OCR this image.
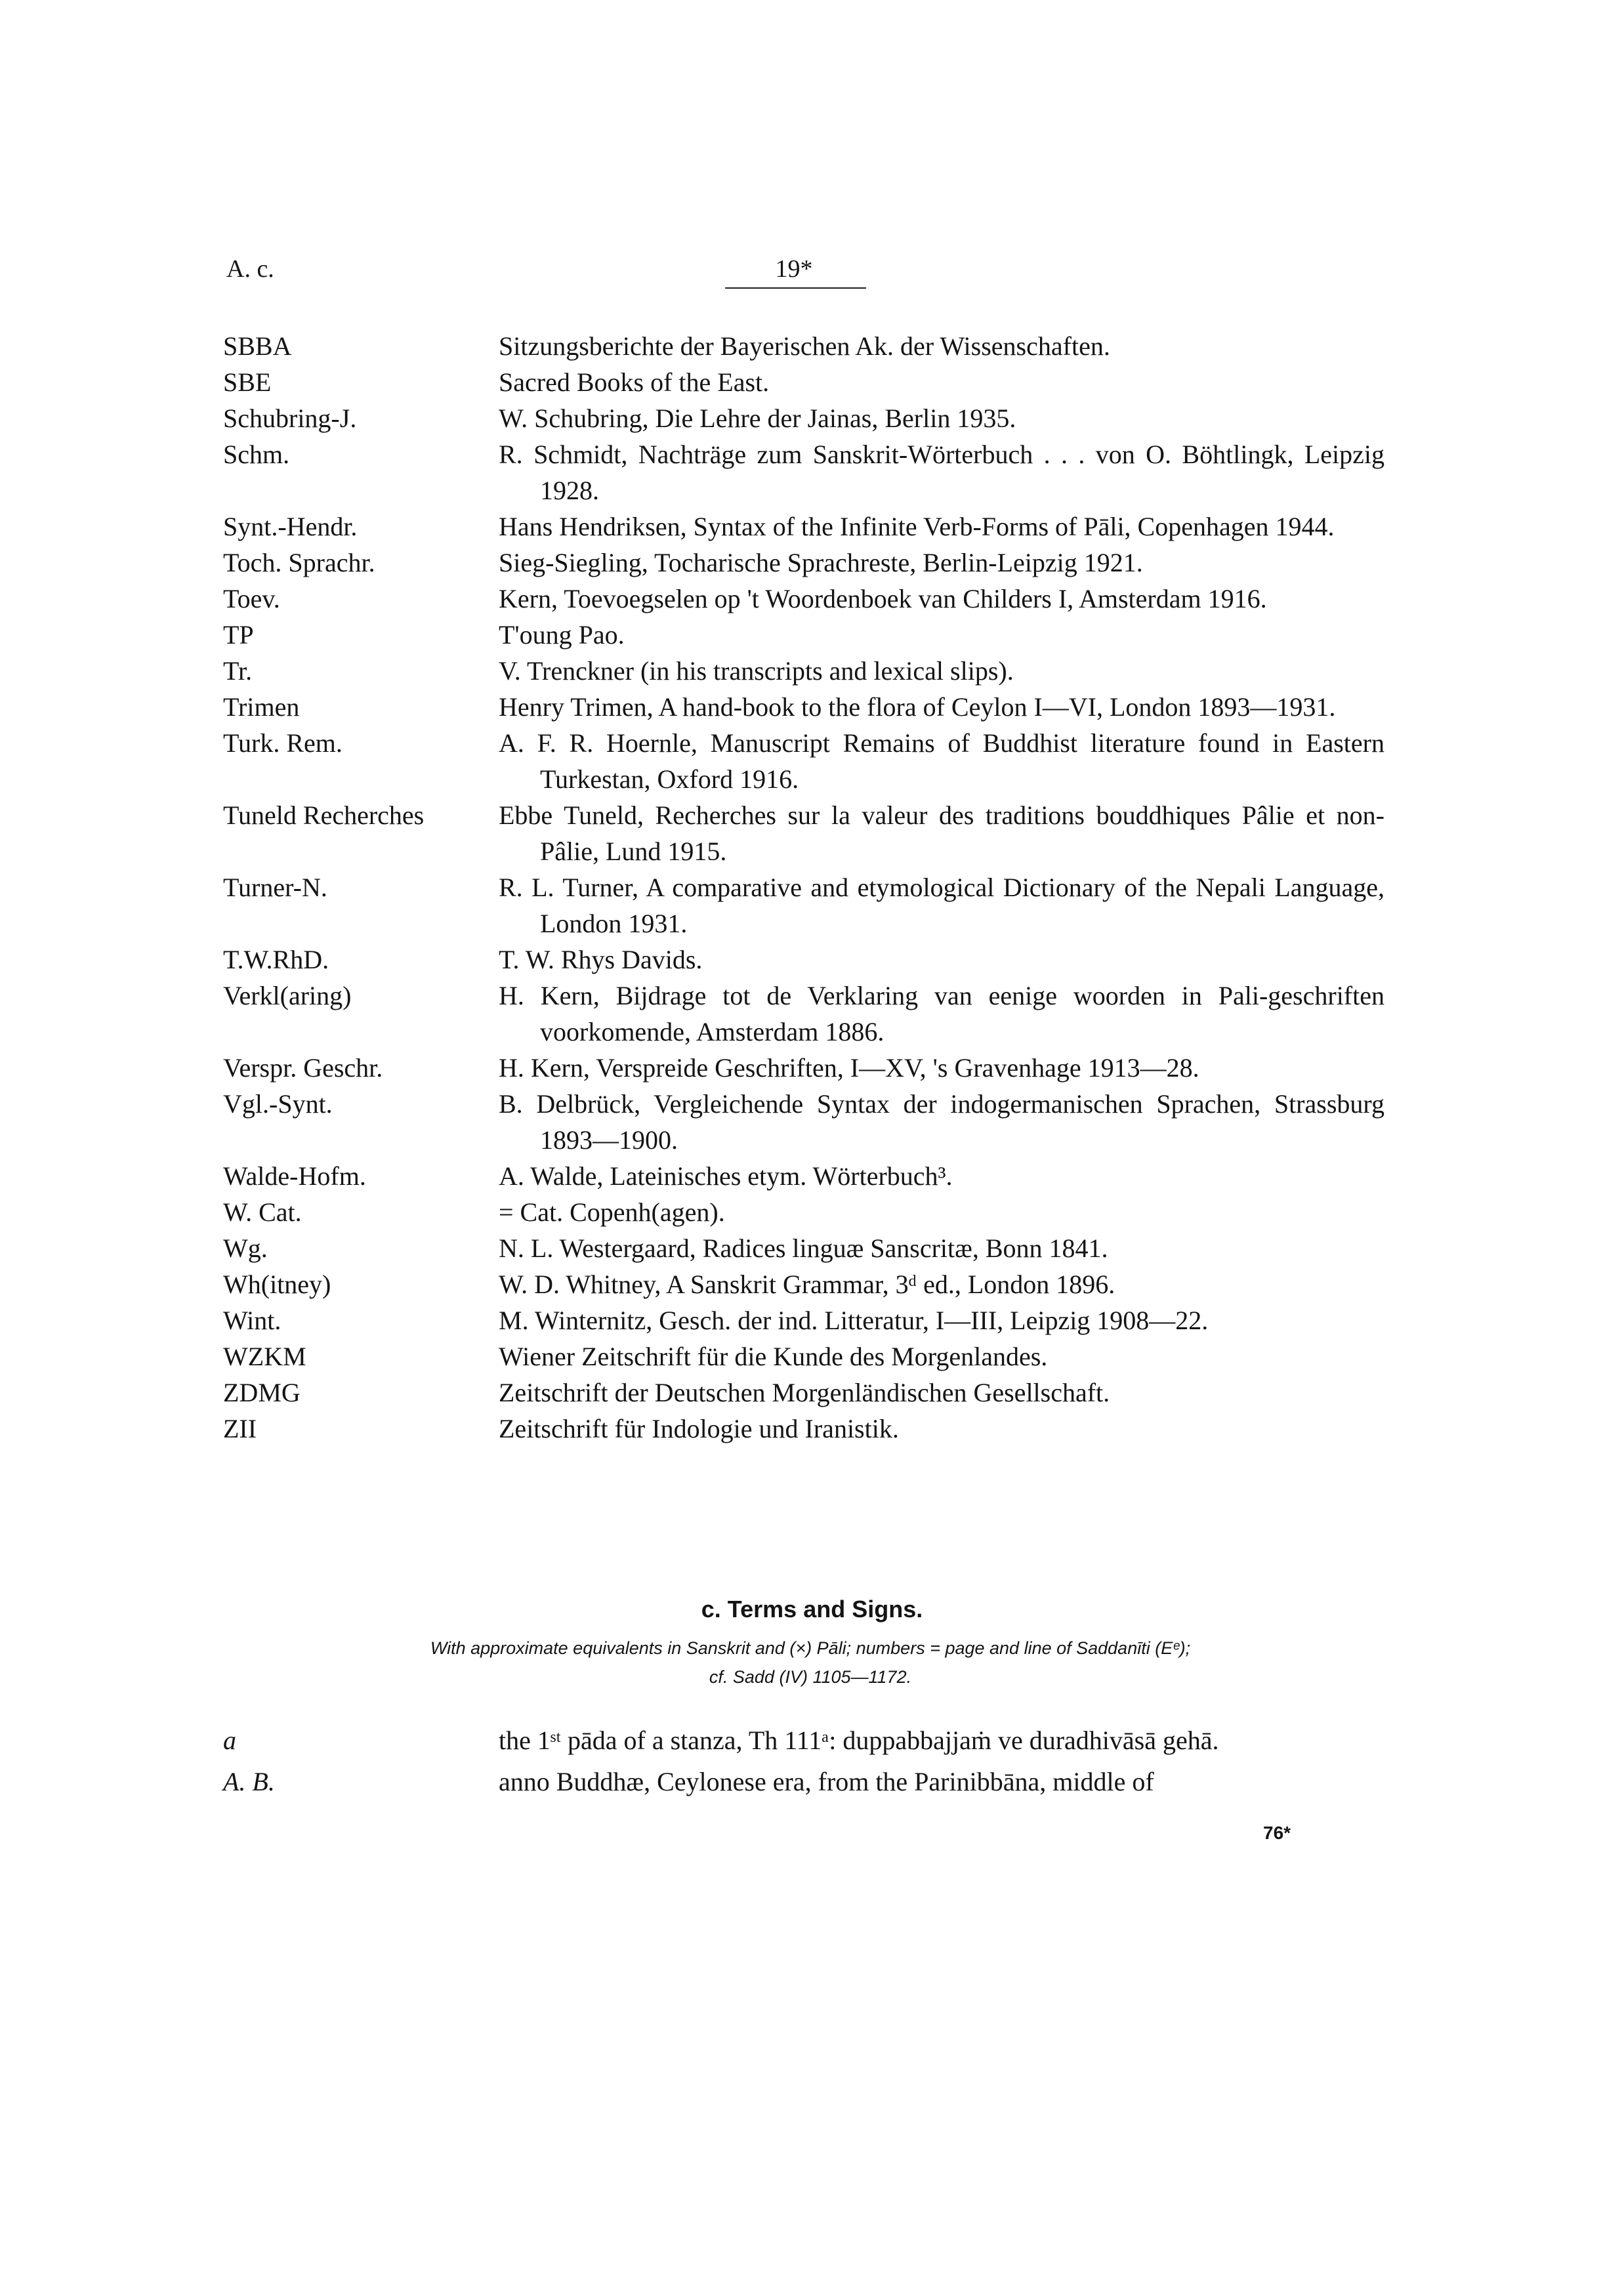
A. c.	19*
SBBA	Sitzungsberichte der Bayerischen Ak. der Wissenschaften.
SBE	Sacred Books of the East.
Schubring-J.	W. Schubring, Die Lehre der Jainas, Berlin 1935.
Schm.	R. Schmidt, Nachträge zum Sanskrit-Wörterbuch . . . von O. Böhtlingk, Leipzig 1928.
Synt.-Hendr.	Hans Hendriksen, Syntax of the Infinite Verb-Forms of Pāli, Copenhagen 1944.
Toch. Sprachr.	Sieg-Siegling, Tocharische Sprachreste, Berlin-Leipzig 1921.
Toev.	Kern, Toevoegselen op 't Woordenboek van Childers I, Amsterdam 1916.
TP	T'oung Pao.
Tr.	V. Trenckner (in his transcripts and lexical slips).
Trimen	Henry Trimen, A hand-book to the flora of Ceylon I—VI, London 1893—1931.
Turk. Rem.	A. F. R. Hoernle, Manuscript Remains of Buddhist literature found in Eastern Turkestan, Oxford 1916.
Tuneld Recherches	Ebbe Tuneld, Recherches sur la valeur des traditions bouddhiques Pâlie et non-Pâlie, Lund 1915.
Turner-N.	R. L. Turner, A comparative and etymological Dictionary of the Nepali Language, London 1931.
T.W.RhD.	T. W. Rhys Davids.
Verkl(aring)	H. Kern, Bijdrage tot de Verklaring van eenige woorden in Pali-geschriften voorkomende, Amsterdam 1886.
Verspr. Geschr.	H. Kern, Verspreide Geschriften, I—XV, 's Gravenhage 1913—28.
Vgl.-Synt.	B. Delbrück, Vergleichende Syntax der indogermanischen Sprachen, Strassburg 1893—1900.
Walde-Hofm.	A. Walde, Lateinisches etym. Wörterbuch³.
W. Cat.	= Cat. Copenh(agen).
Wg.	N. L. Westergaard, Radices linguæ Sanscritæ, Bonn 1841.
Wh(itney)	W. D. Whitney, A Sanskrit Grammar, 3ᵈ ed., London 1896.
Wint.	M. Winternitz, Gesch. der ind. Litteratur, I—III, Leipzig 1908—22.
WZKM	Wiener Zeitschrift für die Kunde des Morgenlandes.
ZDMG	Zeitschrift der Deutschen Morgenländischen Gesellschaft.
ZII	Zeitschrift für Indologie und Iranistik.
c. Terms and Signs.
With approximate equivalents in Sanskrit and (×) Pāli; numbers = page and line of Saddanīti (Eᵉ);
cf. Sadd (IV) 1105—1172.
a	the 1ˢᵗ pāda of a stanza, Th 111ᵃ: duppabbajjaṁ ve duradhivāsā gehā.
A. B.	anno Buddhæ, Ceylonese era, from the Parinibbāna, middle of
76*
